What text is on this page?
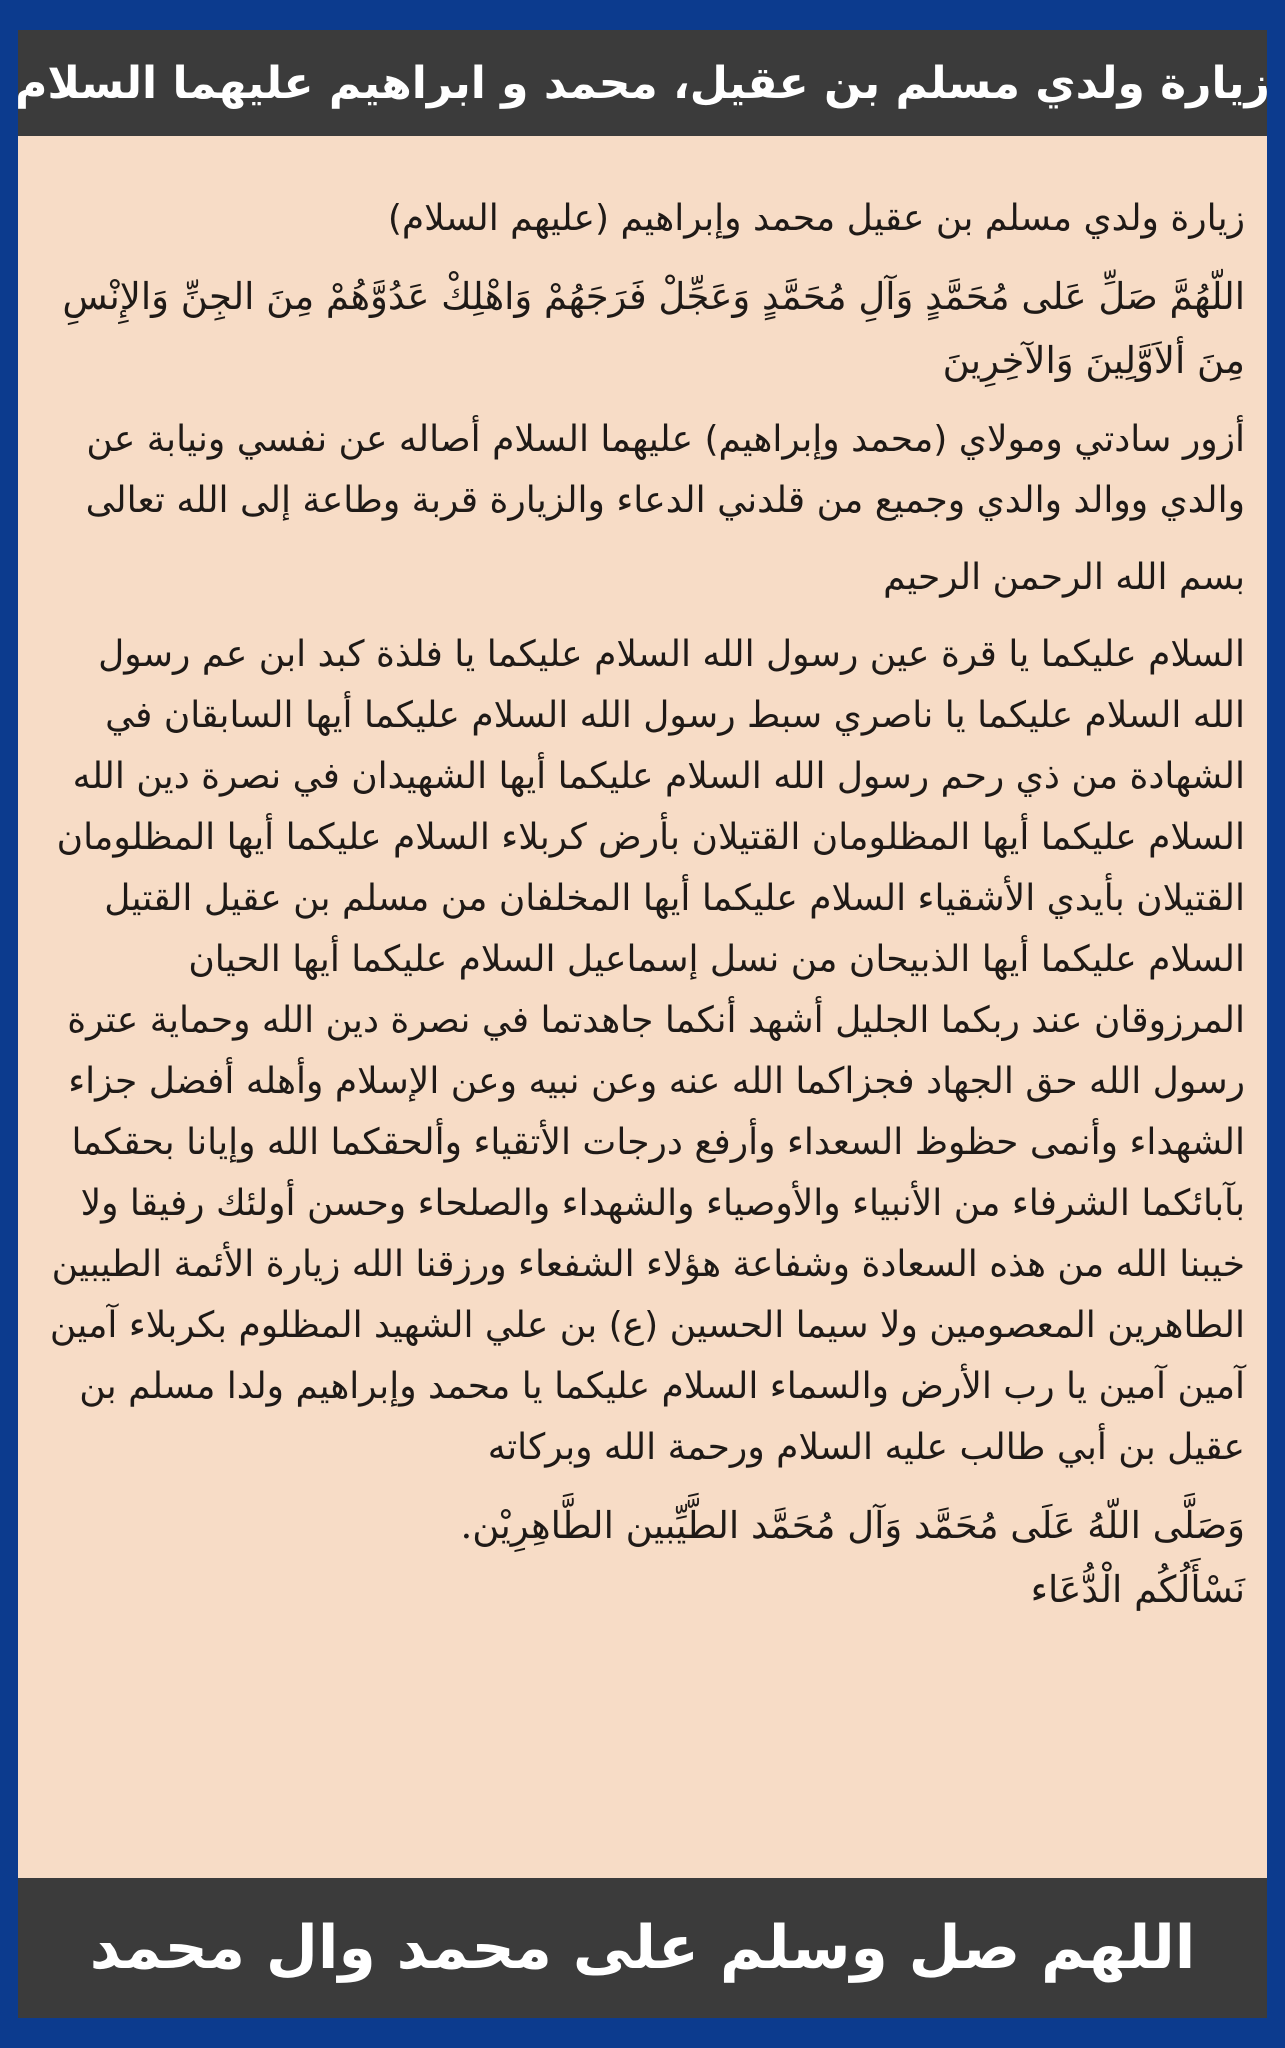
زيارة ولدي مسلم بن عقيل، محمد و ابراهيم عليهما السلام

زيارة ولدي مسلم بن عقيل محمد وإبراهيم (عليهم السلام)

اللّهُمَّ صَلِّ عَلى مُحَمَّدٍ وَآلِ مُحَمَّدٍ وَعَجِّلْ فَرَجَهُمْ وَاهْلِكْ عَدُوَّهُمْ مِنَ الجِنِّ وَالإِنْسِ مِنَ ألاَوَّلِينَ وَالآخِرِينَ

أزور سادتي ومولاي (محمد وإبراهيم) عليهما السلام أصاله عن نفسي ونيابة عن والدي ووالد والدي وجميع من قلدني الدعاء والزيارة قربة وطاعة إلى الله تعالى

بسم الله الرحمن الرحيم

السلام عليكما يا قرة عين رسول الله السلام عليكما يا فلذة كبد ابن عم رسول الله السلام عليكما يا ناصري سبط رسول الله السلام عليكما أيها السابقان في الشهادة من ذي رحم رسول الله السلام عليكما أيها الشهيدان في نصرة دين الله السلام عليكما أيها المظلومان القتيلان بأرض كربلاء السلام عليكما أيها المظلومان القتيلان بأيدي الأشقياء السلام عليكما أيها المخلفان من مسلم بن عقيل القتيل السلام عليكما أيها الذبيحان من نسل إسماعيل السلام عليكما أيها الحيان المرزوقان عند ربكما الجليل أشهد أنكما جاهدتما في نصرة دين الله وحماية عترة رسول الله حق الجهاد فجزاكما الله عنه وعن نبيه وعن الإسلام وأهله أفضل جزاء الشهداء وأنمى حظوظ السعداء وأرفع درجات الأتقياء وألحقكما الله وإيانا بحقكما بآبائكما الشرفاء من الأنبياء والأوصياء والشهداء والصلحاء وحسن أولئك رفيقا ولا خيبنا الله من هذه السعادة وشفاعة هؤلاء الشفعاء ورزقنا الله زيارة الأئمة الطيبين الطاهرين المعصومين ولا سيما الحسين (ع) بن علي الشهيد المظلوم بكربلاء آمين آمين آمين يا رب الأرض والسماء السلام عليكما يا محمد وإبراهيم ولدا مسلم بن عقيل بن أبي طالب عليه السلام ورحمة الله وبركاته

وَصَلَّى اللّهُ عَلَى مُحَمَّد وَآل مُحَمَّد الطَّيِّبين الطَّاهِرِيْن.

نَسْأَلُكُم الْدُّعَاء

اللهم صل وسلم على محمد وال محمد
